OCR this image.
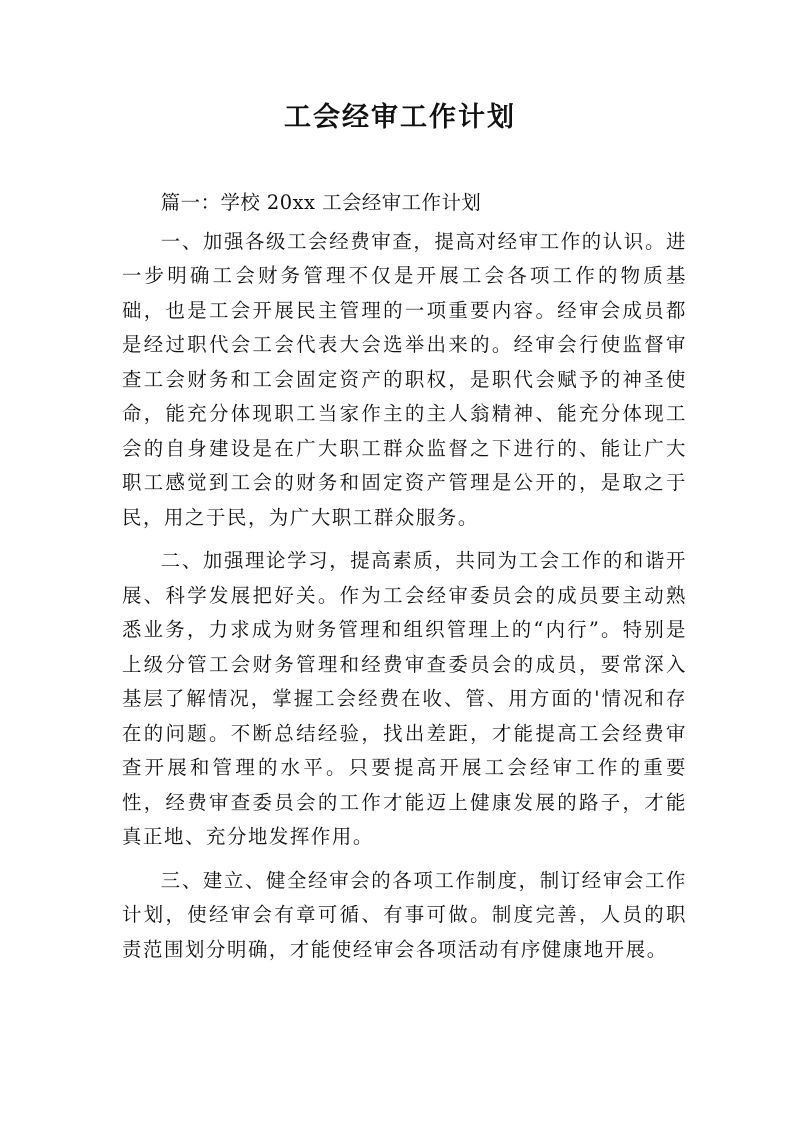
工会经审工作计划

篇一：学校 20xx 工会经审工作计划

一、加强各级工会经费审查，提高对经审工作的认识。进一步明确工会财务管理不仅是开展工会各项工作的物质基础，也是工会开展民主管理的一项重要内容。经审会成员都是经过职代会工会代表大会选举出来的。经审会行使监督审查工会财务和工会固定资产的职权，是职代会赋予的神圣使命，能充分体现职工当家作主的主人翁精神、能充分体现工会的自身建设是在广大职工群众监督之下进行的、能让广大职工感觉到工会的财务和固定资产管理是公开的，是取之于民，用之于民，为广大职工群众服务。

二、加强理论学习，提高素质，共同为工会工作的和谐开展、科学发展把好关。作为工会经审委员会的成员要主动熟悉业务，力求成为财务管理和组织管理上的“内行”。特别是上级分管工会财务管理和经费审查委员会的成员，要常深入基层了解情况，掌握工会经费在收、管、用方面的'情况和存在的问题。不断总结经验，找出差距，才能提高工会经费审查开展和管理的水平。只要提高开展工会经审工作的重要性，经费审查委员会的工作才能迈上健康发展的路子，才能真正地、充分地发挥作用。

三、建立、健全经审会的各项工作制度，制订经审会工作计划，使经审会有章可循、有事可做。制度完善，人员的职责范围划分明确，才能使经审会各项活动有序健康地开展。
